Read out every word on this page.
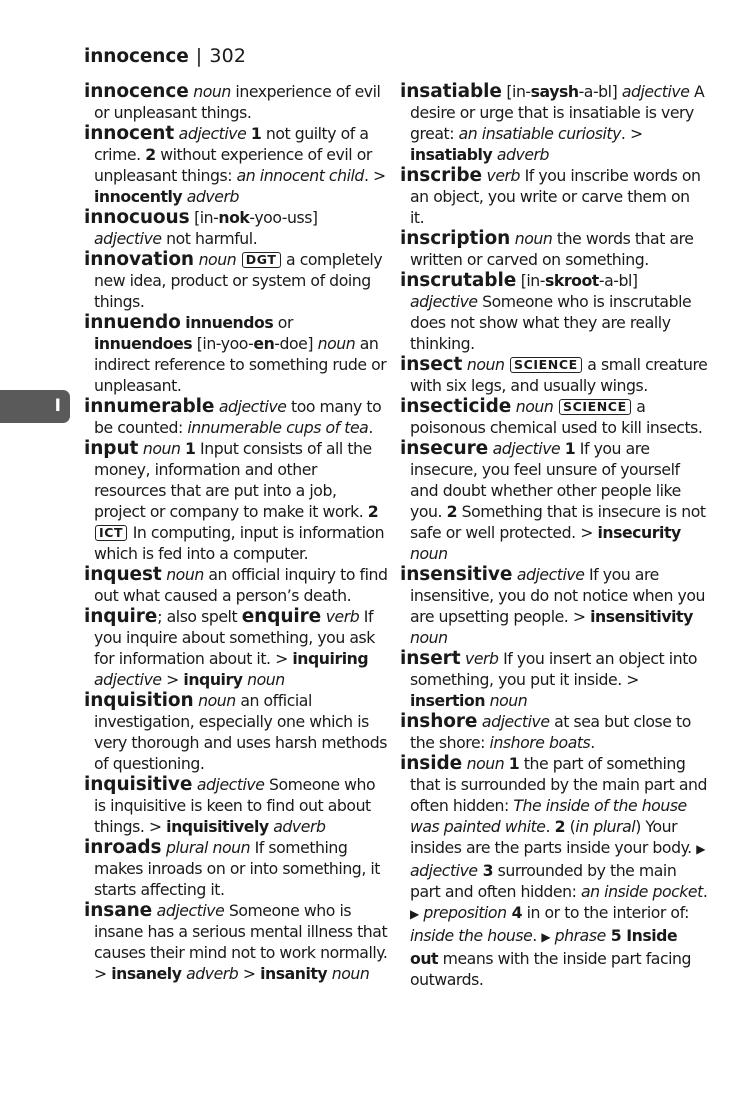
innocence | 302
I

innocence noun inexperience of evil or unpleasant things.

innocent adjective 1 not guilty of a crime. 2 without experience of evil or unpleasant things: an innocent child. > innocently adverb

innocuous [in-nok-yoo-uss] adjective not harmful.

innovation noun DGT a completely new idea, product or system of doing things.

innuendo innuendos or innuendoes [in-yoo-en-doe] noun an indirect reference to something rude or unpleasant.

innumerable adjective too many to be counted: innumerable cups of tea.

input noun 1 Input consists of all the money, information and other resources that are put into a job, project or company to make it work. 2 ICT In computing, input is information which is fed into a computer.

inquest noun an official inquiry to find out what caused a person’s death.

inquire; also spelt enquire verb If you inquire about something, you ask for information about it. > inquiring adjective > inquiry noun

inquisition noun an official investigation, especially one which is very thorough and uses harsh methods of questioning.

inquisitive adjective Someone who is inquisitive is keen to find out about things. > inquisitively adverb

inroads plural noun If something makes inroads on or into something, it starts affecting it.

insane adjective Someone who is insane has a serious mental illness that causes their mind not to work normally. > insanely adverb > insanity noun

insatiable [in-saysh-a-bl] adjective A desire or urge that is insatiable is very great: an insatiable curiosity. > insatiably adverb

inscribe verb If you inscribe words on an object, you write or carve them on it.

inscription noun the words that are written or carved on something.

inscrutable [in-skroot-a-bl] adjective Someone who is inscrutable does not show what they are really thinking.

insect noun SCIENCE a small creature with six legs, and usually wings.

insecticide noun SCIENCE a poisonous chemical used to kill insects.

insecure adjective 1 If you are insecure, you feel unsure of yourself and doubt whether other people like you. 2 Something that is insecure is not safe or well protected. > insecurity noun

insensitive adjective If you are insensitive, you do not notice when you are upsetting people. > insensitivity noun

insert verb If you insert an object into something, you put it inside. > insertion noun

inshore adjective at sea but close to the shore: inshore boats.

inside noun 1 the part of something that is surrounded by the main part and often hidden: The inside of the house was painted white. 2 (in plural) Your insides are the parts inside your body. ▶ adjective 3 surrounded by the main part and often hidden: an inside pocket. ▶ preposition 4 in or to the interior of: inside the house. ▶ phrase 5 Inside out means with the inside part facing outwards.
